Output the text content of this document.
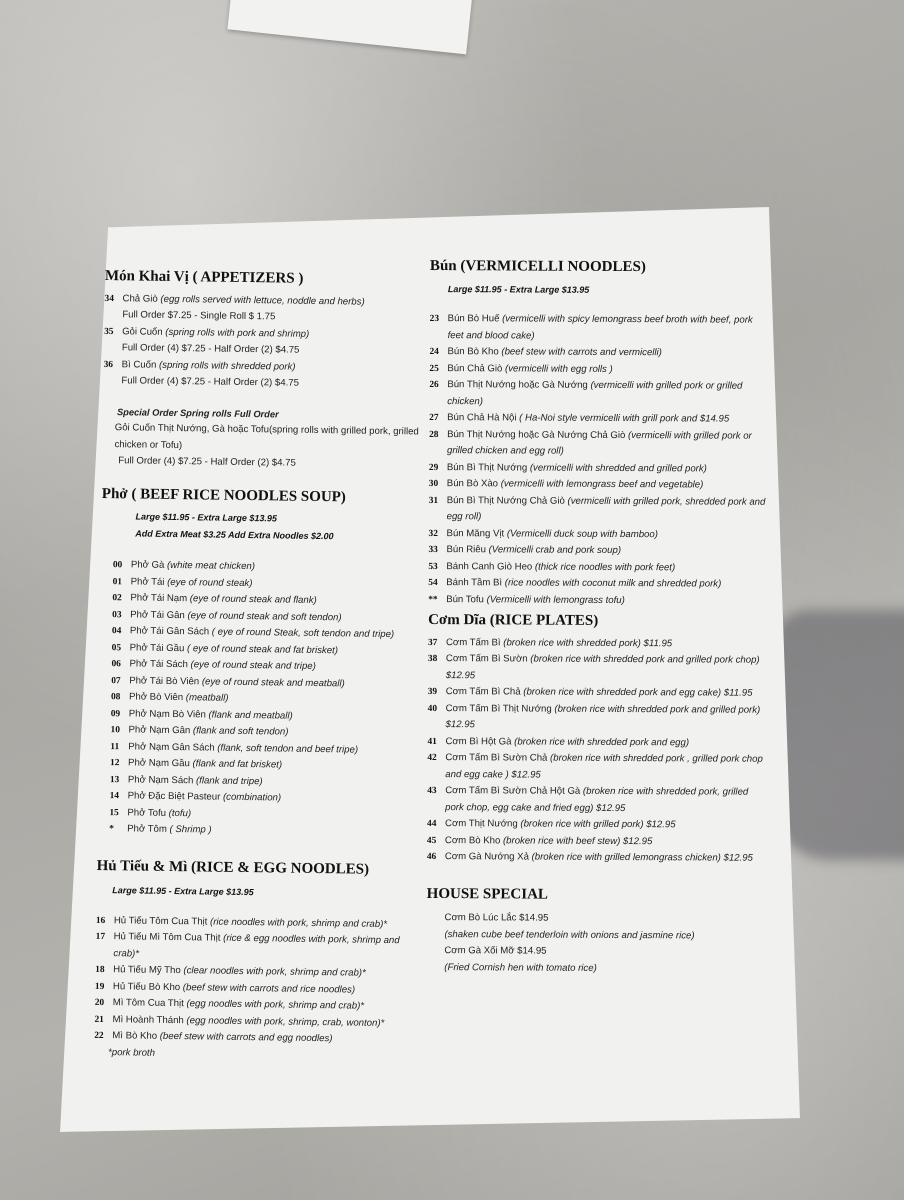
Món Khai Vị ( APPETIZERS )
34 Chả Giò (egg rolls served with lettuce, noddle and herbs)
Full Order $7.25 - Single Roll $ 1.75
35 Gỏi Cuốn (spring rolls with pork and shrimp)
Full Order (4) $7.25 - Half Order (2) $4.75
36 Bì Cuốn (spring rolls with shredded pork)
Full Order (4) $7.25 - Half Order (2) $4.75
Special Order Spring rolls Full Order
Gỏi Cuốn Thịt Nướng, Gà hoặc Tofu(spring rolls with grilled pork, grilled chicken or Tofu)
Full Order (4) $7.25 - Half Order (2) $4.75
Phở ( BEEF RICE NOODLES SOUP)
Large $11.95 - Extra Large $13.95
Add Extra Meat $3.25 Add Extra Noodles $2.00
00 Phở Gà (white meat chicken)
01 Phở Tái (eye of round steak)
02 Phở Tái Nạm (eye of round steak and flank)
03 Phở Tái Gân (eye of round steak and soft tendon)
04 Phở Tái Gân Sách ( eye of round Steak, soft tendon and tripe)
05 Phở Tái Gầu ( eye of round steak and fat brisket)
06 Phở Tái Sách (eye of round steak and tripe)
07 Phở Tái Bò Viên (eye of round steak and meatball)
08 Phở Bò Viên (meatball)
09 Phở Nạm Bò Viên (flank and meatball)
10 Phở Nạm Gân (flank and soft tendon)
11 Phở Nạm Gân Sách (flank, soft tendon and beef tripe)
12 Phở Nạm Gầu (flank and fat brisket)
13 Phở Nạm Sách (flank and tripe)
14 Phở Đặc Biệt Pasteur (combination)
15 Phở Tofu (tofu)
*	Phở Tôm ( Shrimp )
Hủ Tiếu & Mì (RICE & EGG NOODLES)
Large $11.95 - Extra Large $13.95
16 Hủ Tiếu Tôm Cua Thịt (rice noodles with pork, shrimp and crab)*
17 Hủ Tiếu Mì Tôm Cua Thịt (rice & egg noodles with pork, shrimp and crab)*
18 Hủ Tiếu Mỹ Tho (clear noodles with pork, shrimp and crab)*
19 Hủ Tiếu Bò Kho (beef stew with carrots and rice noodles)
20 Mì Tôm Cua Thịt (egg noodles with pork, shrimp and crab)*
21 Mì Hoành Thánh (egg noodles with pork, shrimp, crab, wonton)*
22 Mì Bò Kho (beef stew with carrots and egg noodles)
*pork broth
Bún (VERMICELLI NOODLES)
Large $11.95 - Extra Large $13.95
23 Bún Bò Huế (vermicelli with spicy lemongrass beef broth with beef, pork feet and blood cake)
24 Bún Bò Kho (beef stew with carrots and vermicelli)
25 Bún Chả Giò (vermicelli with egg rolls )
26 Bún Thịt Nướng hoặc Gà Nướng (vermicelli with grilled pork or grilled chicken)
27 Bún Chả Hà Nội ( Ha-Noi style vermicelli with grill pork and $14.95
28 Bún Thịt Nướng hoặc Gà Nướng Chả Giò (vermicelli with grilled pork or grilled chicken and egg roll)
29 Bún Bì Thịt Nướng (vermicelli with shredded and grilled pork)
30 Bún Bò Xào (vermicelli with lemongrass beef and vegetable)
31 Bún Bì Thịt Nướng Chả Giò (vermicelli with grilled pork, shredded pork and egg roll)
32 Bún Măng Vịt (Vermicelli duck soup with bamboo)
33 Bún Riêu (Vermicelli crab and pork soup)
53 Bánh Canh Giò Heo (thick rice noodles with pork feet)
54 Bánh Tầm Bì (rice noodles with coconut milk and shredded pork)
** Bún Tofu (Vermicelli with lemongrass tofu)
Cơm Dĩa (RICE PLATES)
37 Cơm Tấm Bì (broken rice with shredded pork) $11.95
38 Cơm Tấm Bì Sườn (broken rice with shredded pork and grilled pork chop) $12.95
39 Cơm Tấm Bì Chả (broken rice with shredded pork and egg cake) $11.95
40 Cơm Tấm Bì Thịt Nướng (broken rice with shredded pork and grilled pork) $12.95
41 Cơm Bì Hột Gà (broken rice with shredded pork and egg)
42 Cơm Tấm Bì Sườn Chả (broken rice with shredded pork , grilled pork chop and egg cake ) $12.95
43 Cơm Tấm Bì Sườn Chả Hột Gà (broken rice with shredded pork, grilled pork chop, egg cake and fried egg) $12.95
44 Cơm Thịt Nướng (broken rice with grilled pork) $12.95
45 Cơm Bò Kho (broken rice with beef stew) $12.95
46 Cơm Gà Nướng Xả (broken rice with grilled lemongrass chicken) $12.95
HOUSE SPECIAL
Cơm Bò Lúc Lắc $14.95
(shaken cube beef tenderloin with onions and jasmine rice)
Cơm Gà Xối Mỡ $14.95
(Fried Cornish hen with tomato rice)
